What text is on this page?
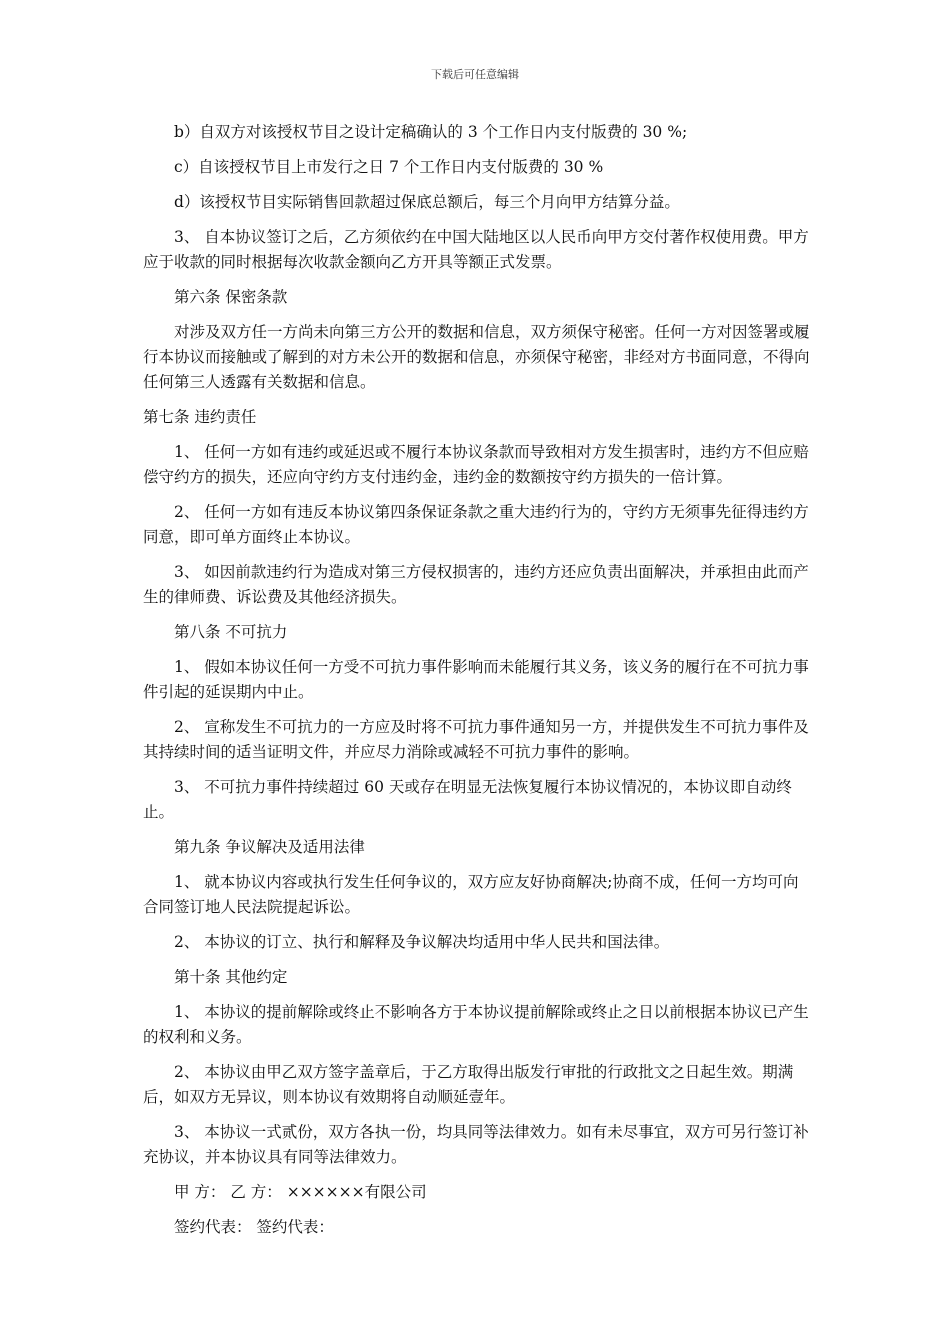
下载后可任意编辑

b）自双方对该授权节目之设计定稿确认的 3 个工作日内支付版费的 30 %;

c）自该授权节目上市发行之日 7 个工作日内支付版费的 30 %

d）该授权节目实际销售回款超过保底总额后，每三个月向甲方结算分益。

3、 自本协议签订之后，乙方须依约在中国大陆地区以人民币向甲方交付著作权使用费。甲方应于收款的同时根据每次收款金额向乙方开具等额正式发票。

第六条 保密条款

对涉及双方任一方尚未向第三方公开的数据和信息，双方须保守秘密。任何一方对因签署或履行本协议而接触或了解到的对方未公开的数据和信息，亦须保守秘密，非经对方书面同意，不得向任何第三人透露有关数据和信息。

第七条 违约责任

1、 任何一方如有违约或延迟或不履行本协议条款而导致相对方发生损害时，违约方不但应赔偿守约方的损失，还应向守约方支付违约金，违约金的数额按守约方损失的一倍计算。

2、 任何一方如有违反本协议第四条保证条款之重大违约行为的，守约方无须事先征得违约方同意，即可单方面终止本协议。

3、 如因前款违约行为造成对第三方侵权损害的，违约方还应负责出面解决，并承担由此而产生的律师费、诉讼费及其他经济损失。

第八条 不可抗力

1、 假如本协议任何一方受不可抗力事件影响而未能履行其义务，该义务的履行在不可抗力事件引起的延误期内中止。

2、 宣称发生不可抗力的一方应及时将不可抗力事件通知另一方，并提供发生不可抗力事件及其持续时间的适当证明文件，并应尽力消除或减轻不可抗力事件的影响。

3、 不可抗力事件持续超过 60 天或存在明显无法恢复履行本协议情况的，本协议即自动终止。

第九条 争议解决及适用法律

1、 就本协议内容或执行发生任何争议的，双方应友好协商解决;协商不成，任何一方均可向合同签订地人民法院提起诉讼。

2、 本协议的订立、执行和解释及争议解决均适用中华人民共和国法律。

第十条 其他约定

1、 本协议的提前解除或终止不影响各方于本协议提前解除或终止之日以前根据本协议已产生的权利和义务。

2、 本协议由甲乙双方签字盖章后，于乙方取得出版发行审批的行政批文之日起生效。期满后，如双方无异议，则本协议有效期将自动顺延壹年。

3、 本协议一式贰份，双方各执一份，均具同等法律效力。如有未尽事宜，双方可另行签订补充协议，并本协议具有同等法律效力。

甲 方： 乙 方： ××××××有限公司

签约代表： 签约代表：
